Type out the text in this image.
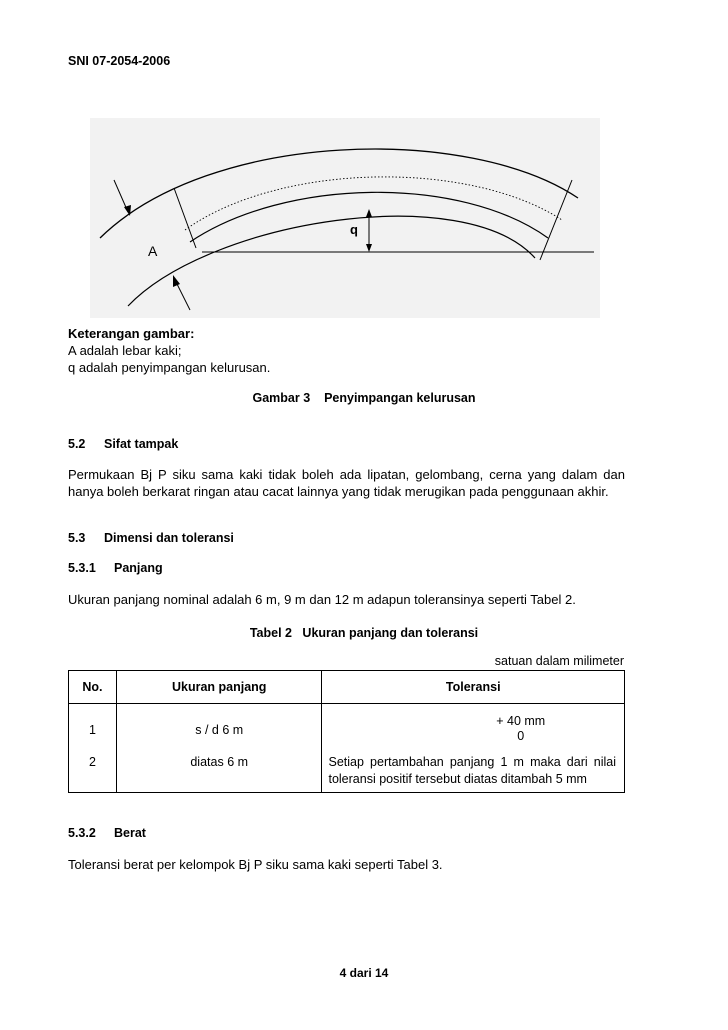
SNI 07-2054-2006
A
q
Keterangan gambar:
A adalah lebar kaki;
q adalah penyimpangan kelurusan.
Gambar 3 Penyimpangan kelurusan
5.2 Sifat tampak
Permukaan Bj P siku sama kaki tidak boleh ada lipatan, gelombang, cerna yang dalam dan hanya boleh berkarat ringan atau cacat lainnya yang tidak merugikan pada penggunaan akhir.
5.3 Dimensi dan toleransi
5.3.1 Panjang
Ukuran panjang nominal adalah 6 m, 9 m dan 12 m adapun toleransinya seperti Tabel 2.
Tabel 2 Ukuran panjang dan toleransi
satuan dalam milimeter
No.	Ukuran panjang	Toleransi
1	s / d 6 m	+ 40 mm
0

2	diatas 6 m	Setiap pertambahan panjang 1 m maka dari nilai toleransi positif tersebut diatas ditambah 5 mm
5.3.2 Berat
Toleransi berat per kelompok Bj P siku sama kaki seperti Tabel 3.
4 dari 14
